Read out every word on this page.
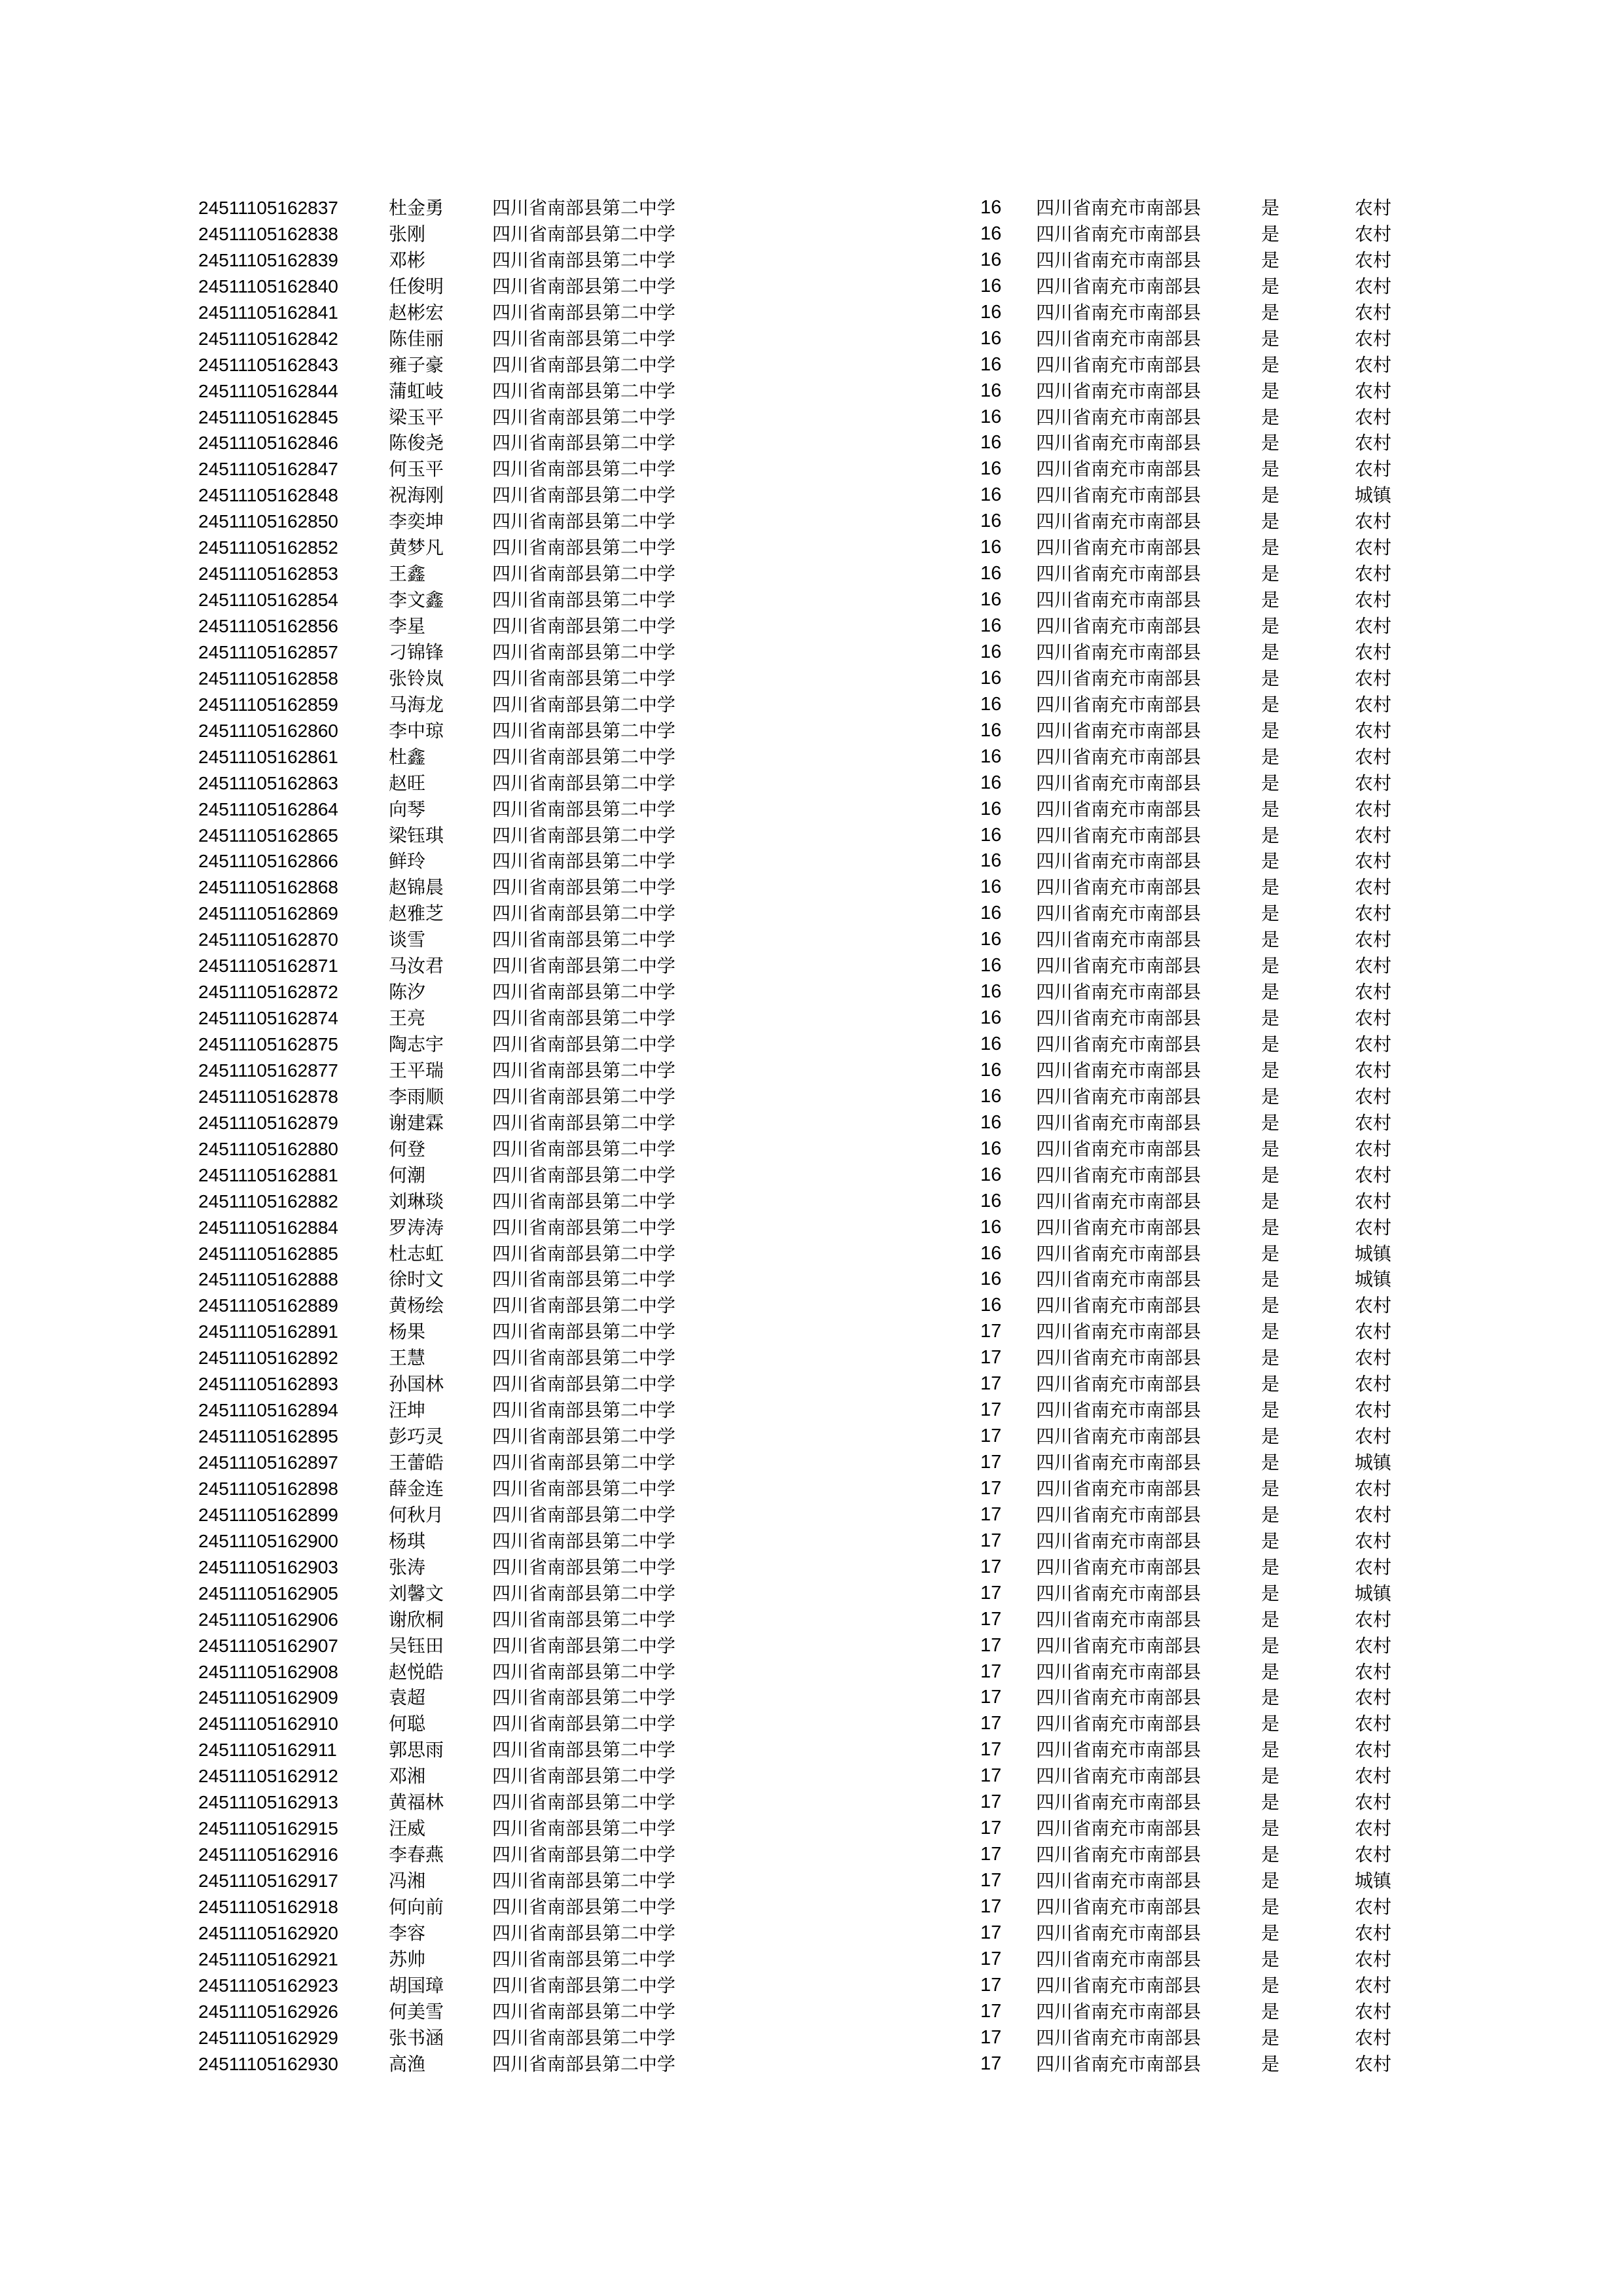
24511105162837	杜金勇	四川省南部县第二中学	16 四川省南充市南部县	是	农村
24511105162838	张刚	四川省南部县第二中学	16 四川省南充市南部县	是	农村
24511105162839	邓彬	四川省南部县第二中学	16 四川省南充市南部县	是	农村
24511105162840	任俊明	四川省南部县第二中学	16 四川省南充市南部县	是	农村
24511105162841	赵彬宏	四川省南部县第二中学	16 四川省南充市南部县	是	农村
24511105162842	陈佳丽	四川省南部县第二中学	16 四川省南充市南部县	是	农村
24511105162843	雍子豪	四川省南部县第二中学	16 四川省南充市南部县	是	农村
24511105162844	蒲虹岐	四川省南部县第二中学	16 四川省南充市南部县	是	农村
24511105162845	梁玉平	四川省南部县第二中学	16 四川省南充市南部县	是	农村
24511105162846	陈俊尧	四川省南部县第二中学	16 四川省南充市南部县	是	农村
24511105162847	何玉平	四川省南部县第二中学	16 四川省南充市南部县	是	农村
24511105162848	祝海刚	四川省南部县第二中学	16 四川省南充市南部县	是	城镇
24511105162850	李奕坤	四川省南部县第二中学	16 四川省南充市南部县	是	农村
24511105162852	黄梦凡	四川省南部县第二中学	16 四川省南充市南部县	是	农村
24511105162853	王鑫	四川省南部县第二中学	16 四川省南充市南部县	是	农村
24511105162854	李文鑫	四川省南部县第二中学	16 四川省南充市南部县	是	农村
24511105162856	李星	四川省南部县第二中学	16 四川省南充市南部县	是	农村
24511105162857	刁锦锋	四川省南部县第二中学	16 四川省南充市南部县	是	农村
24511105162858	张铃岚	四川省南部县第二中学	16 四川省南充市南部县	是	农村
24511105162859	马海龙	四川省南部县第二中学	16 四川省南充市南部县	是	农村
24511105162860	李中琼	四川省南部县第二中学	16 四川省南充市南部县	是	农村
24511105162861	杜鑫	四川省南部县第二中学	16 四川省南充市南部县	是	农村
24511105162863	赵旺	四川省南部县第二中学	16 四川省南充市南部县	是	农村
24511105162864	向琴	四川省南部县第二中学	16 四川省南充市南部县	是	农村
24511105162865	梁钰琪	四川省南部县第二中学	16 四川省南充市南部县	是	农村
24511105162866	鲜玲	四川省南部县第二中学	16 四川省南充市南部县	是	农村
24511105162868	赵锦晨	四川省南部县第二中学	16 四川省南充市南部县	是	农村
24511105162869	赵雅芝	四川省南部县第二中学	16 四川省南充市南部县	是	农村
24511105162870	谈雪	四川省南部县第二中学	16 四川省南充市南部县	是	农村
24511105162871	马汝君	四川省南部县第二中学	16 四川省南充市南部县	是	农村
24511105162872	陈汐	四川省南部县第二中学	16 四川省南充市南部县	是	农村
24511105162874	王亮	四川省南部县第二中学	16 四川省南充市南部县	是	农村
24511105162875	陶志宇	四川省南部县第二中学	16 四川省南充市南部县	是	农村
24511105162877	王平瑞	四川省南部县第二中学	16 四川省南充市南部县	是	农村
24511105162878	李雨顺	四川省南部县第二中学	16 四川省南充市南部县	是	农村
24511105162879	谢建霖	四川省南部县第二中学	16 四川省南充市南部县	是	农村
24511105162880	何登	四川省南部县第二中学	16 四川省南充市南部县	是	农村
24511105162881	何潮	四川省南部县第二中学	16 四川省南充市南部县	是	农村
24511105162882	刘琳琰	四川省南部县第二中学	16 四川省南充市南部县	是	农村
24511105162884	罗涛涛	四川省南部县第二中学	16 四川省南充市南部县	是	农村
24511105162885	杜志虹	四川省南部县第二中学	16 四川省南充市南部县	是	城镇
24511105162888	徐时文	四川省南部县第二中学	16 四川省南充市南部县	是	城镇
24511105162889	黄杨绘	四川省南部县第二中学	16 四川省南充市南部县	是	农村
24511105162891	杨果	四川省南部县第二中学	17 四川省南充市南部县	是	农村
24511105162892	王慧	四川省南部县第二中学	17 四川省南充市南部县	是	农村
24511105162893	孙国林	四川省南部县第二中学	17 四川省南充市南部县	是	农村
24511105162894	汪坤	四川省南部县第二中学	17 四川省南充市南部县	是	农村
24511105162895	彭巧灵	四川省南部县第二中学	17 四川省南充市南部县	是	农村
24511105162897	王蕾皓	四川省南部县第二中学	17 四川省南充市南部县	是	城镇
24511105162898	薛金连	四川省南部县第二中学	17 四川省南充市南部县	是	农村
24511105162899	何秋月	四川省南部县第二中学	17 四川省南充市南部县	是	农村
24511105162900	杨琪	四川省南部县第二中学	17 四川省南充市南部县	是	农村
24511105162903	张涛	四川省南部县第二中学	17 四川省南充市南部县	是	农村
24511105162905	刘馨文	四川省南部县第二中学	17 四川省南充市南部县	是	城镇
24511105162906	谢欣桐	四川省南部县第二中学	17 四川省南充市南部县	是	农村
24511105162907	吴钰田	四川省南部县第二中学	17 四川省南充市南部县	是	农村
24511105162908	赵悦皓	四川省南部县第二中学	17 四川省南充市南部县	是	农村
24511105162909	袁超	四川省南部县第二中学	17 四川省南充市南部县	是	农村
24511105162910	何聪	四川省南部县第二中学	17 四川省南充市南部县	是	农村
24511105162911	郭思雨	四川省南部县第二中学	17 四川省南充市南部县	是	农村
24511105162912	邓湘	四川省南部县第二中学	17 四川省南充市南部县	是	农村
24511105162913	黄福林	四川省南部县第二中学	17 四川省南充市南部县	是	农村
24511105162915	汪威	四川省南部县第二中学	17 四川省南充市南部县	是	农村
24511105162916	李春燕	四川省南部县第二中学	17 四川省南充市南部县	是	农村
24511105162917	冯湘	四川省南部县第二中学	17 四川省南充市南部县	是	城镇
24511105162918	何向前	四川省南部县第二中学	17 四川省南充市南部县	是	农村
24511105162920	李容	四川省南部县第二中学	17 四川省南充市南部县	是	农村
24511105162921	苏帅	四川省南部县第二中学	17 四川省南充市南部县	是	农村
24511105162923	胡国璋	四川省南部县第二中学	17 四川省南充市南部县	是	农村
24511105162926	何美雪	四川省南部县第二中学	17 四川省南充市南部县	是	农村
24511105162929	张书涵	四川省南部县第二中学	17 四川省南充市南部县	是	农村
24511105162930	高渔	四川省南部县第二中学	17 四川省南充市南部县	是	农村
